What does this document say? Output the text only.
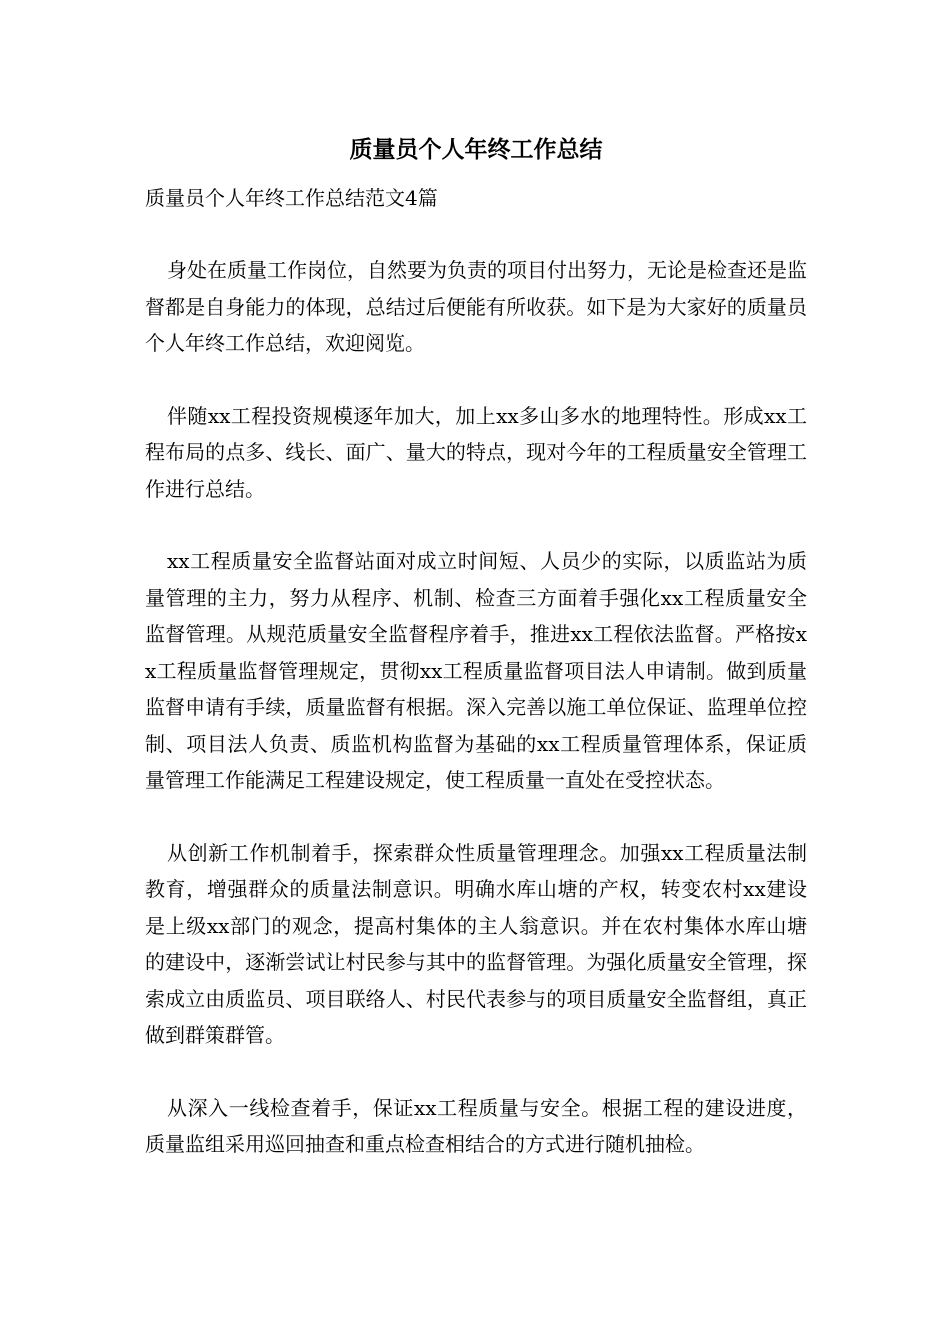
质量员个人年终工作总结

质量员个人年终工作总结范文4篇

身处在质量工作岗位，自然要为负责的项目付出努力，无论是检查还是监督都是自身能力的体现，总结过后便能有所收获。如下是为大家好的质量员个人年终工作总结，欢迎阅览。

伴随xx工程投资规模逐年加大，加上xx多山多水的地理特性。形成xx工程布局的点多、线长、面广、量大的特点，现对今年的工程质量安全管理工作进行总结。

xx工程质量安全监督站面对成立时间短、人员少的实际，以质监站为质量管理的主力，努力从程序、机制、检查三方面着手强化xx工程质量安全监督管理。从规范质量安全监督程序着手，推进xx工程依法监督。严格按xx工程质量监督管理规定，贯彻xx工程质量监督项目法人申请制。做到质量监督申请有手续，质量监督有根据。深入完善以施工单位保证、监理单位控制、项目法人负责、质监机构监督为基础的xx工程质量管理体系，保证质量管理工作能满足工程建设规定，使工程质量一直处在受控状态。

从创新工作机制着手，探索群众性质量管理理念。加强xx工程质量法制教育，增强群众的质量法制意识。明确水库山塘的产权，转变农村xx建设是上级xx部门的观念，提高村集体的主人翁意识。并在农村集体水库山塘的建设中，逐渐尝试让村民参与其中的监督管理。为强化质量安全管理，探索成立由质监员、项目联络人、村民代表参与的项目质量安全监督组，真正做到群策群管。

从深入一线检查着手，保证xx工程质量与安全。根据工程的建设进度，质量监组采用巡回抽查和重点检查相结合的方式进行随机抽检。
